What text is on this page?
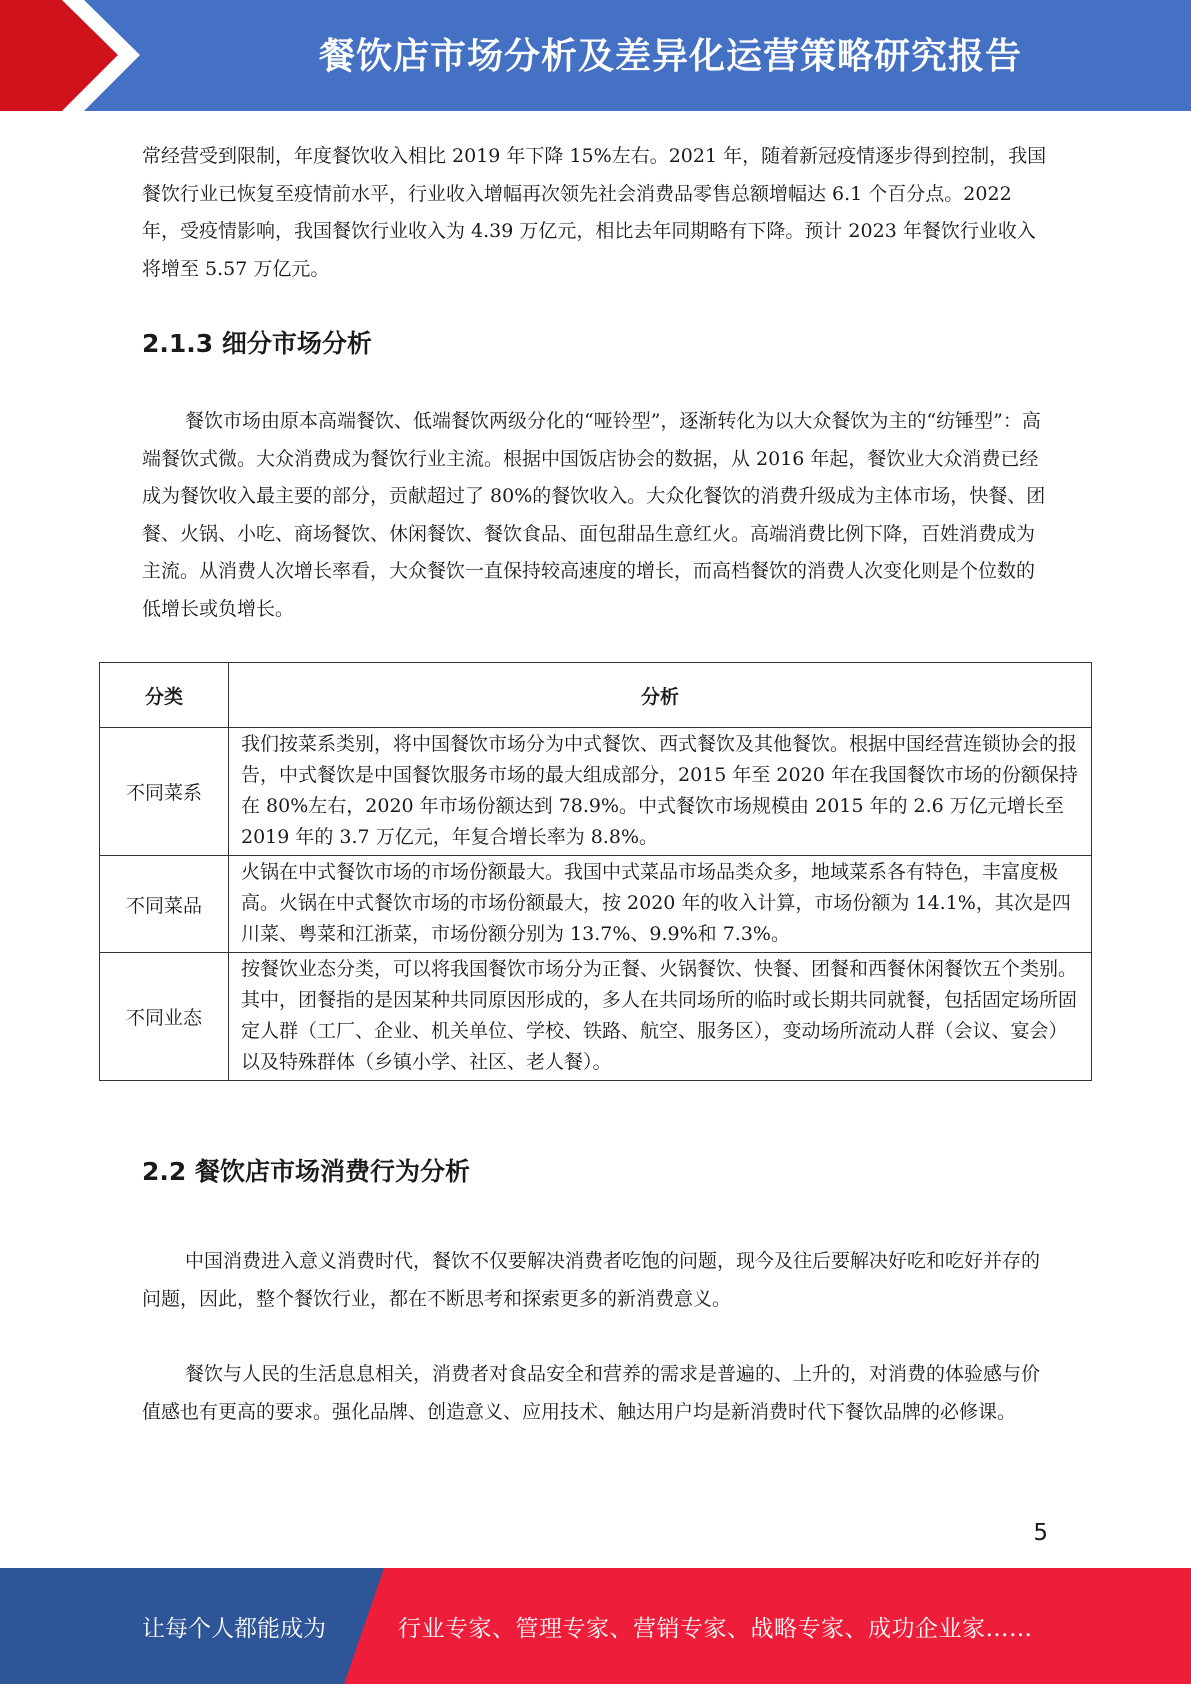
餐饮店市场分析及差异化运营策略研究报告

常经营受到限制，年度餐饮收入相比 2019 年下降 15%左右。2021 年，随着新冠疫情逐步得到控制，我国餐饮行业已恢复至疫情前水平，行业收入增幅再次领先社会消费品零售总额增幅达 6.1 个百分点。2022 年，受疫情影响，我国餐饮行业收入为 4.39 万亿元，相比去年同期略有下降。预计 2023 年餐饮行业收入将增至 5.57 万亿元。

2.1.3 细分市场分析

餐饮市场由原本高端餐饮、低端餐饮两级分化的“哑铃型”，逐渐转化为以大众餐饮为主的“纺锤型”：高端餐饮式微。大众消费成为餐饮行业主流。根据中国饭店协会的数据，从 2016 年起，餐饮业大众消费已经成为餐饮收入最主要的部分，贡献超过了 80%的餐饮收入。大众化餐饮的消费升级成为主体市场，快餐、团餐、火锅、小吃、商场餐饮、休闲餐饮、餐饮食品、面包甜品生意红火。高端消费比例下降，百姓消费成为主流。从消费人次增长率看，大众餐饮一直保持较高速度的增长，而高档餐饮的消费人次变化则是个位数的低增长或负增长。

分类	分析
不同菜系	我们按菜系类别，将中国餐饮市场分为中式餐饮、西式餐饮及其他餐饮。根据中国经营连锁协会的报告，中式餐饮是中国餐饮服务市场的最大组成部分，2015 年至 2020 年在我国餐饮市场的份额保持在 80%左右，2020 年市场份额达到 78.9%。中式餐饮市场规模由 2015 年的 2.6 万亿元增长至 2019 年的 3.7 万亿元，年复合增长率为 8.8%。
不同菜品	火锅在中式餐饮市场的市场份额最大。我国中式菜品市场品类众多，地域菜系各有特色，丰富度极高。火锅在中式餐饮市场的市场份额最大，按 2020 年的收入计算，市场份额为 14.1%，其次是四川菜、粤菜和江浙菜，市场份额分别为 13.7%、9.9%和 7.3%。
不同业态	按餐饮业态分类，可以将我国餐饮市场分为正餐、火锅餐饮、快餐、团餐和西餐休闲餐饮五个类别。其中，团餐指的是因某种共同原因形成的，多人在共同场所的临时或长期共同就餐，包括固定场所固定人群（工厂、企业、机关单位、学校、铁路、航空、服务区），变动场所流动人群（会议、宴会）以及特殊群体（乡镇小学、社区、老人餐）。
2.2 餐饮店市场消费行为分析

中国消费进入意义消费时代，餐饮不仅要解决消费者吃饱的问题，现今及往后要解决好吃和吃好并存的问题，因此，整个餐饮行业，都在不断思考和探索更多的新消费意义。

餐饮与人民的生活息息相关，消费者对食品安全和营养的需求是普遍的、上升的，对消费的体验感与价值感也有更高的要求。强化品牌、创造意义、应用技术、触达用户均是新消费时代下餐饮品牌的必修课。

5
让每个人都能成为	行业专家、管理专家、营销专家、战略专家、成功企业家……
